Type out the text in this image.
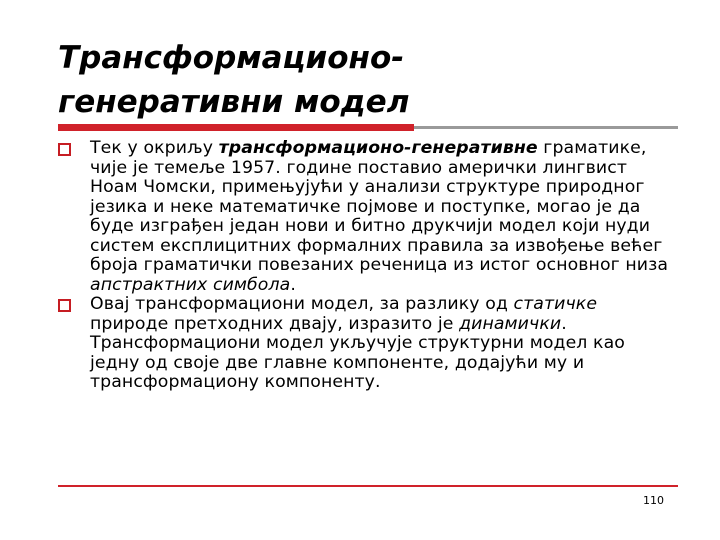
Трансформационо-
генеративни модел
Тек у окриљу трансформационо-генеративне граматике, чије је темеље 1957. године поставио амерички лингвист Ноам Чомски, примењујући у анализи структуре природног језика и неке математичке појмове и поступке, могао је да буде изграђен један нови и битно друкчији модел који нуди систем експлицитних формалних правила за извођење већег броја граматички повезаних реченица из истог основног низа апстрактних симбола.
Овај трансформациони модел, за разлику од статичке природе претходних двају, изразито је динамички. Трансформациони модел укључује структурни модел као једну од своје две главне компоненте, додајући му и трансформациону компоненту.
110
